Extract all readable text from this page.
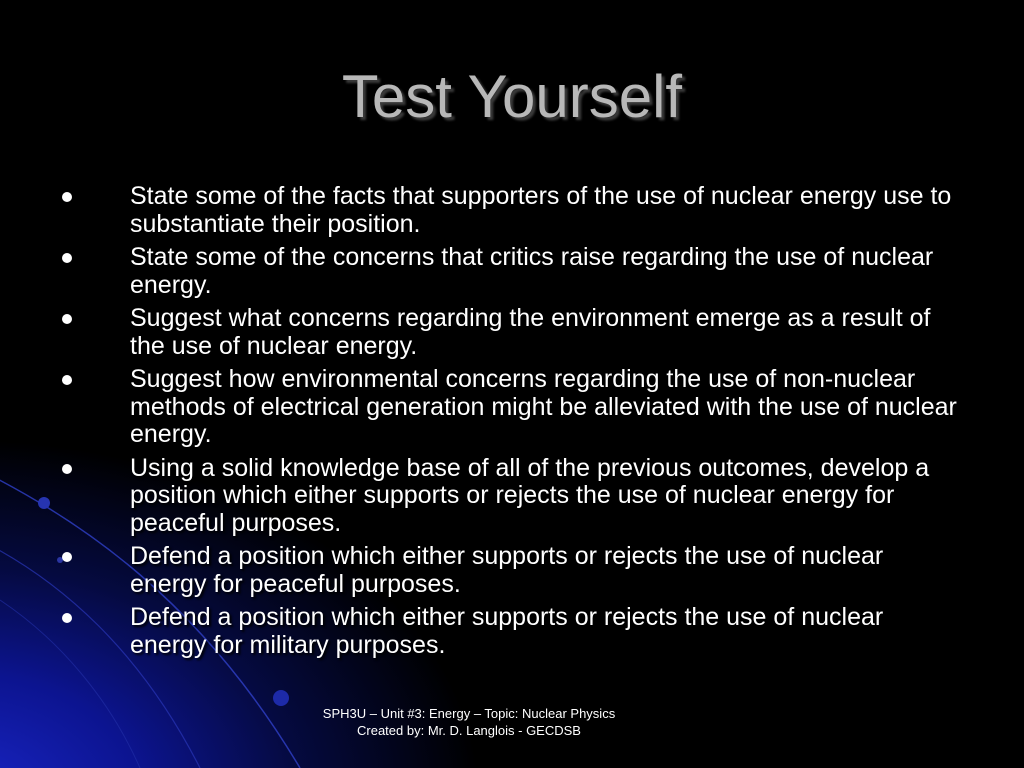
Test Yourself
State some of the facts that supporters of the use of nuclear energy use to substantiate their position.
State some of the concerns that critics raise regarding the use of nuclear energy.
Suggest what concerns regarding the environment emerge as a result of the use of nuclear energy.
Suggest how environmental concerns regarding the use of non-nuclear methods of electrical generation might be alleviated with the use of nuclear energy.
Using a solid knowledge base of all of the previous outcomes, develop a position which either supports or rejects the use of nuclear energy for peaceful purposes.
Defend a position which either supports or rejects the use of nuclear energy for peaceful purposes.
Defend a position which either supports or rejects the use of nuclear energy for military purposes.
SPH3U – Unit #3: Energy – Topic: Nuclear Physics
Created by: Mr. D. Langlois - GECDSB
